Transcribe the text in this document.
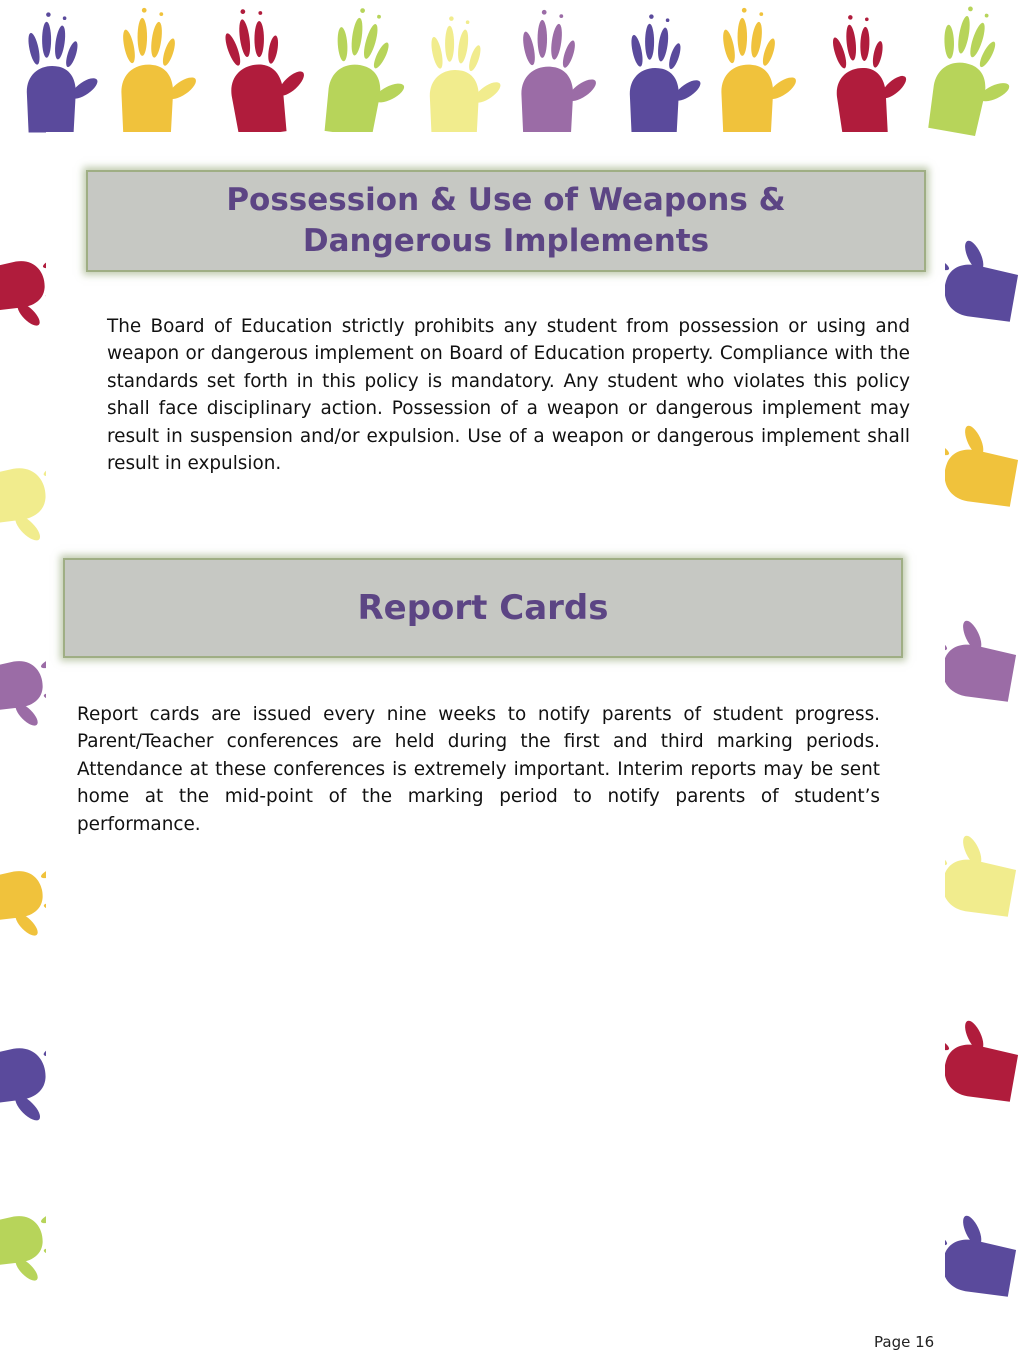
Possession & Use of Weapons &
Dangerous Implements

The Board of Education strictly prohibits any student from possession or using and weapon or dangerous implement on Board of Education property. Compliance with the standards set forth in this policy is mandatory. Any student who violates this policy shall face disciplinary action. Possession of a weapon or dangerous implement may result in suspension and/or expulsion. Use of a weapon or dangerous implement shall result in expulsion.

Report Cards

Report cards are issued every nine weeks to notify parents of student progress. Parent/Teacher conferences are held during the first and third marking periods. Attendance at these conferences is extremely important. Interim reports may be sent home at the mid-point of the marking period to notify parents of student’s performance.

Page 16
